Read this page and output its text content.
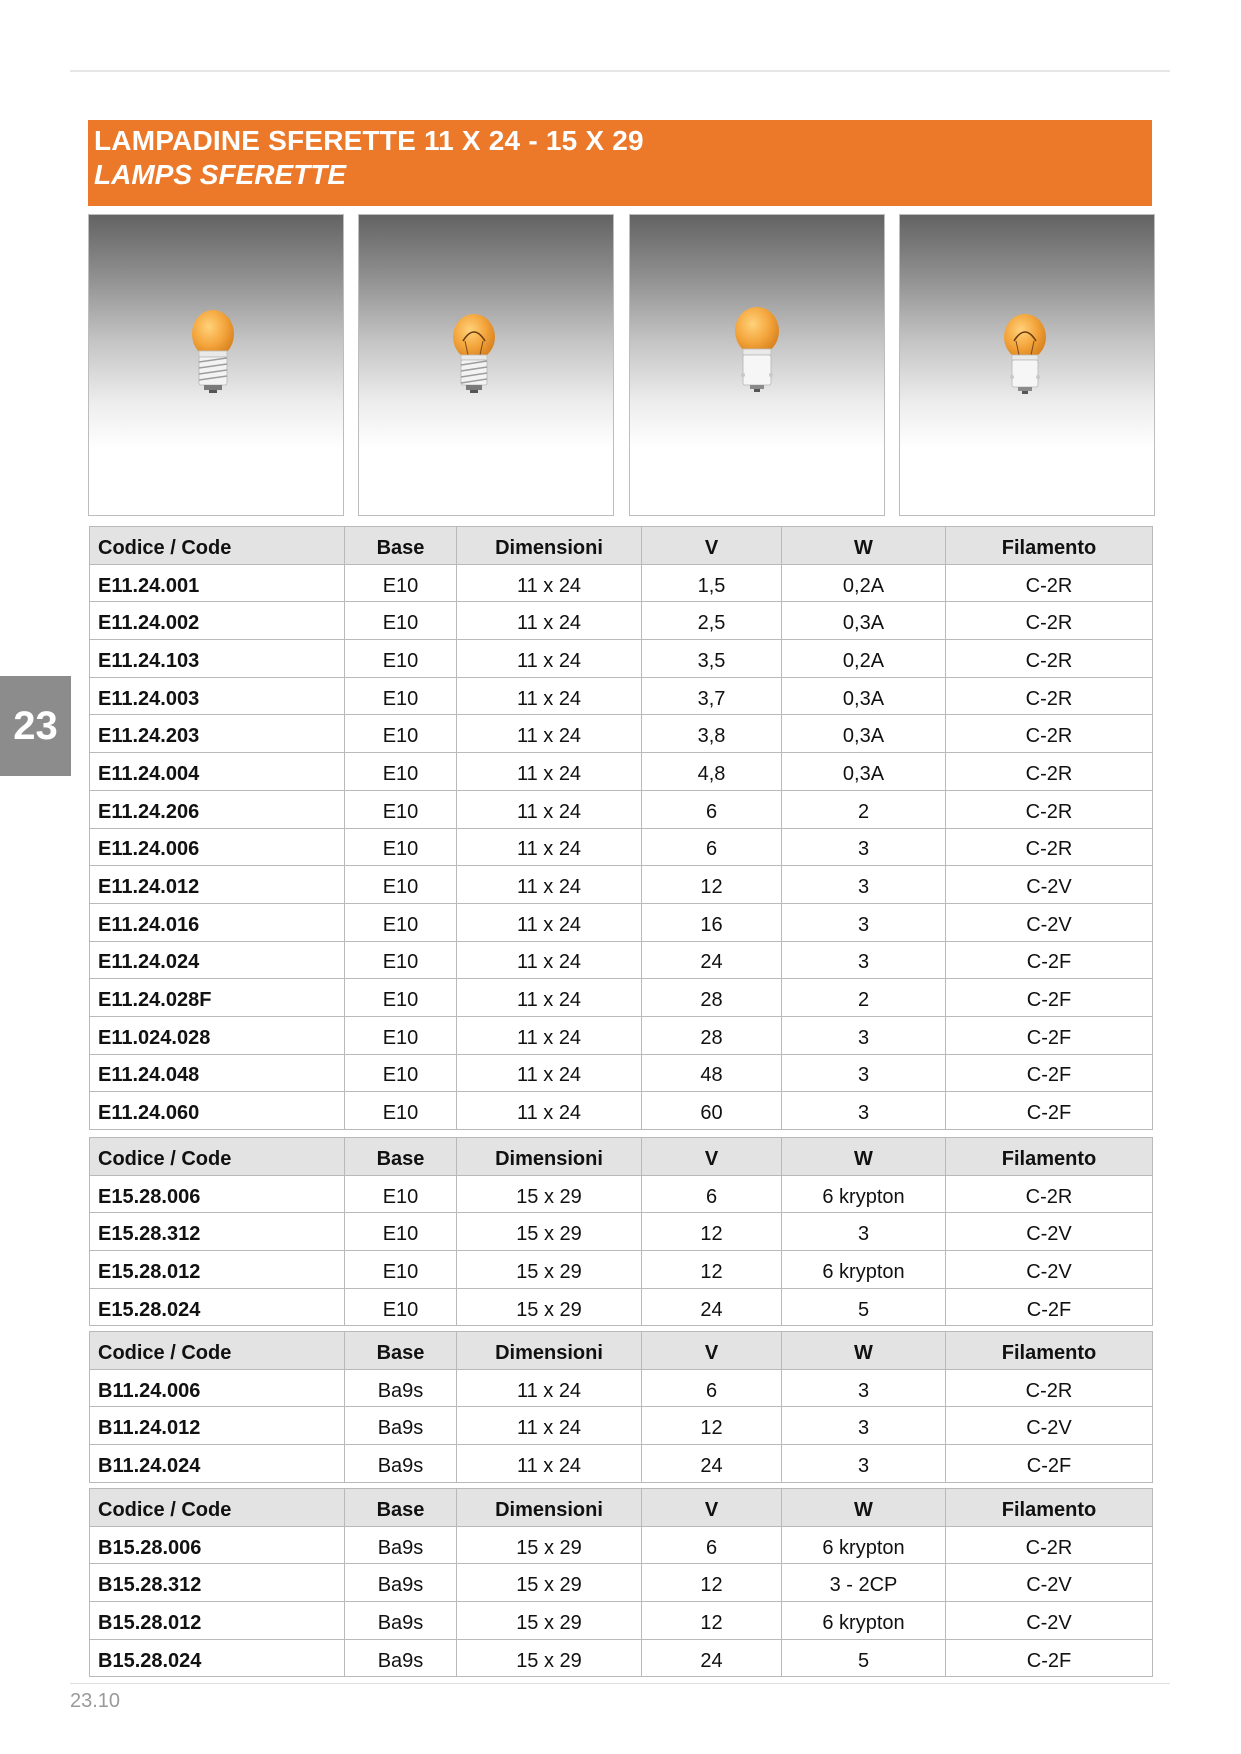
LAMPADINE SFERETTE 11 X 24 - 15 X 29
LAMPS SFERETTE
23
Codice / Code	Base	Dimensioni	V	W	Filamento
E11.24.001	E10	11 x 24	1,5	0,2A	C-2R
E11.24.002	E10	11 x 24	2,5	0,3A	C-2R
E11.24.103	E10	11 x 24	3,5	0,2A	C-2R
E11.24.003	E10	11 x 24	3,7	0,3A	C-2R
E11.24.203	E10	11 x 24	3,8	0,3A	C-2R
E11.24.004	E10	11 x 24	4,8	0,3A	C-2R
E11.24.206	E10	11 x 24	6	2	C-2R
E11.24.006	E10	11 x 24	6	3	C-2R
E11.24.012	E10	11 x 24	12	3	C-2V
E11.24.016	E10	11 x 24	16	3	C-2V
E11.24.024	E10	11 x 24	24	3	C-2F
E11.24.028F	E10	11 x 24	28	2	C-2F
E11.024.028	E10	11 x 24	28	3	C-2F
E11.24.048	E10	11 x 24	48	3	C-2F
E11.24.060	E10	11 x 24	60	3	C-2F
Codice / Code	Base	Dimensioni	V	W	Filamento
E15.28.006	E10	15 x 29	6	6 krypton	C-2R
E15.28.312	E10	15 x 29	12	3	C-2V
E15.28.012	E10	15 x 29	12	6 krypton	C-2V
E15.28.024	E10	15 x 29	24	5	C-2F
Codice / Code	Base	Dimensioni	V	W	Filamento
B11.24.006	Ba9s	11 x 24	6	3	C-2R
B11.24.012	Ba9s	11 x 24	12	3	C-2V
B11.24.024	Ba9s	11 x 24	24	3	C-2F
Codice / Code	Base	Dimensioni	V	W	Filamento
B15.28.006	Ba9s	15 x 29	6	6 krypton	C-2R
B15.28.312	Ba9s	15 x 29	12	3 - 2CP	C-2V
B15.28.012	Ba9s	15 x 29	12	6 krypton	C-2V
B15.28.024	Ba9s	15 x 29	24	5	C-2F
23.10
